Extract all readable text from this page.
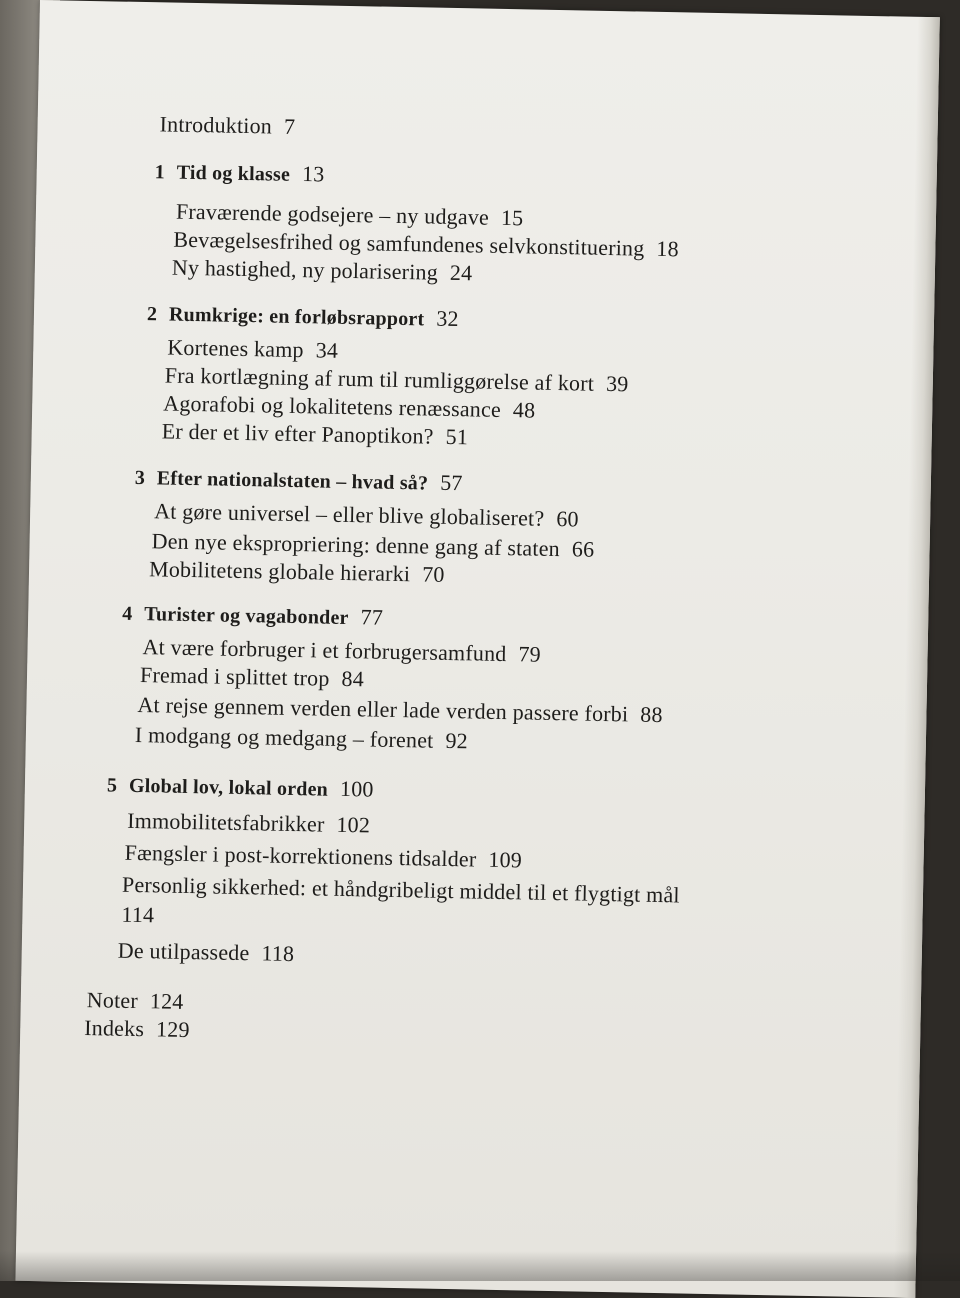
Introduktion 7
1 Tid og klasse 13
Fraværende godsejere – ny udgave 15
Bevægelsesfrihed og samfundenes selvkonstituering 18
Ny hastighed, ny polarisering 24
2 Rumkrige: en forløbsrapport 32
Kortenes kamp 34
Fra kortlægning af rum til rumliggørelse af kort 39
Agorafobi og lokalitetens renæssance 48
Er der et liv efter Panoptikon? 51
3 Efter nationalstaten – hvad så? 57
At gøre universel – eller blive globaliseret? 60
Den nye ekspropriering: denne gang af staten 66
Mobilitetens globale hierarki 70
4 Turister og vagabonder 77
At være forbruger i et forbrugersamfund 79
Fremad i splittet trop 84
At rejse gennem verden eller lade verden passere forbi 88
I modgang og medgang – forenet 92
5 Global lov, lokal orden 100
Immobilitetsfabrikker 102
Fængsler i post-korrektionens tidsalder 109
Personlig sikkerhed: et håndgribeligt middel til et flygtigt mål
114
De utilpassede 118
Noter 124
Indeks 129
